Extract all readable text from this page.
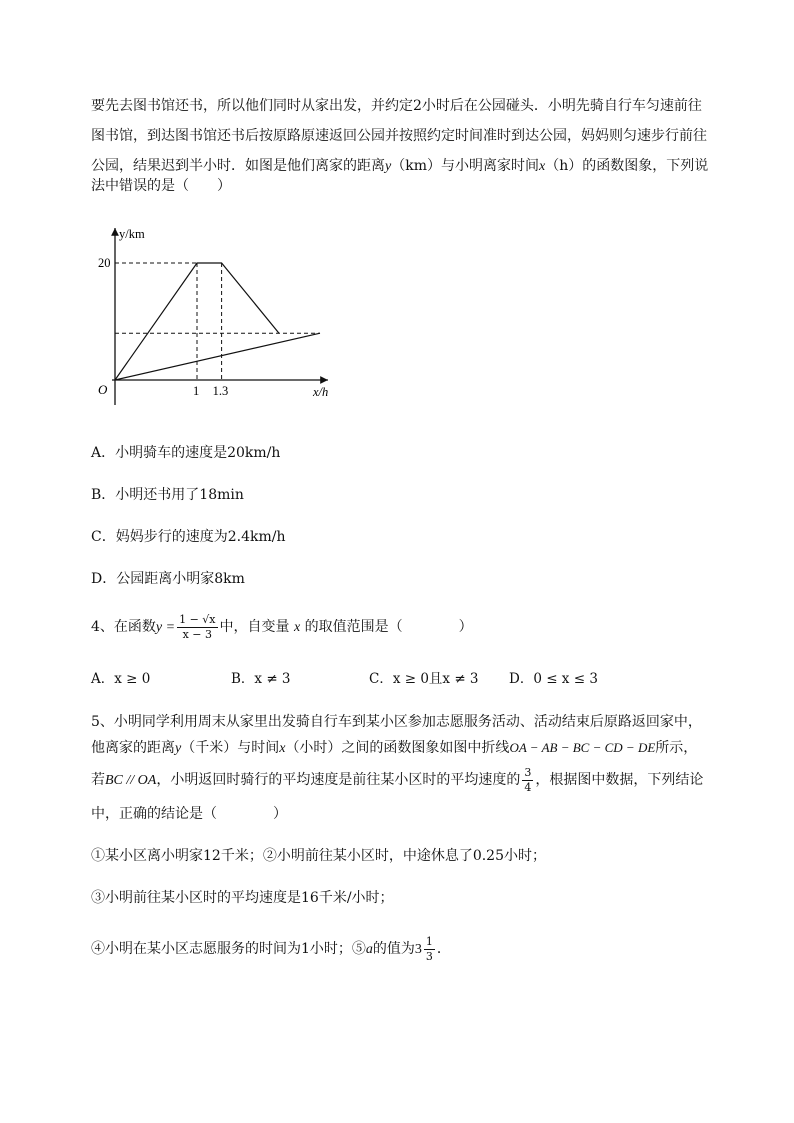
要先去图书馆还书，所以他们同时从家出发，并约定2小时后在公园碰头．小明先骑自行车匀速前往
图书馆，到达图书馆还书后按原路原速返回公园并按照约定时间准时到达公园，妈妈则匀速步行前往
公园，结果迟到半小时．如图是他们离家的距离y（km）与小明离家时间x（h）的函数图象，下列说
法中错误的是（　　）
y/km
x/h
O
20
1 1.3
A．小明骑车的速度是20km/h
B．小明还书用了18min
C．妈妈步行的速度为2.4km/h
D．公园距离小明家8km
4、在函数$y = \frac{1 - √x}{x - 3}$ 中，自变量 x 的取值范围是（　　　　）
A．x ≥ 0	B．x ≠ 3	C．x ≥ 0且x ≠ 3 D．0 ≤ x ≤ 3
5、小明同学利用周末从家里出发骑自行车到某小区参加志愿服务活动、活动结束后原路返回家中，
他离家的距离y（千米）与时间x（小时）之间的函数图象如图中折线OA − AB − BC − CD − DE所示，
若BC // OA，小明返回时骑行的平均速度是前往某小区时的平均速度的 $\frac{3}{4}$ ，根据图中数据，下列结论
中，正确的结论是（　　　　）
①某小区离小明家12千米；②小明前往某小区时，中途休息了0.25小时；
③小明前往某小区时的平均速度是16千米/小时；
④小明在某小区志愿服务的时间为1小时；⑤a的值为$3 \frac{1}{3}$ ．
